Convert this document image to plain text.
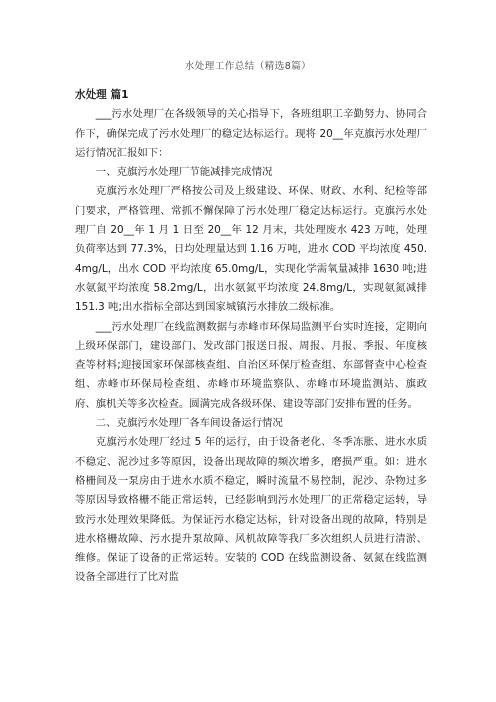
水处理工作总结（精选8篇）

水处理 篇1

___污水处理厂在各级领导的关心指导下，各班组职工辛勤努力、协同合作下，确保完成了污水处理厂的稳定达标运行。现将 20__年克旗污水处理厂运行情况汇报如下：

一、克旗污水处理厂节能减排完成情况

克旗污水处理厂严格按公司及上级建设、环保、财政、水利、纪检等部门要求，严格管理、常抓不懈保障了污水处理厂稳定达标运行。克旗污水处理厂自 20__年 1 月 1 日至 20__年 12 月末，共处理废水 423 万吨，处理负荷率达到 77.3%，日均处理量达到 1.16 万吨，进水 COD 平均浓度 450.4mg/L，出水 COD 平均浓度 65.0mg/L，实现化学需氧量减排 1630 吨;进水氨氮平均浓度 58.2mg/L，出水氨氮平均浓度 24.8mg/L，实现氨氮减排 151.3 吨;出水指标全部达到国家城镇污水排放二级标准。

___污水处理厂在线监测数据与赤峰市环保局监测平台实时连接，定期向上级环保部门，建设部门、发改部门报送日报、周报、月报、季报、年度核查等材料;迎接国家环保部核查组、自治区环保厅检查组、东部督查中心检查组、赤峰市环保局检查组、赤峰市环境监察队、赤峰市环境监测站、旗政府、旗机关等多次检查。圆满完成各级环保、建设等部门安排布置的任务。

二、克旗污水处理厂各车间设备运行情况

克旗污水处理厂经过 5 年的运行，由于设备老化、冬季冻胀、进水水质不稳定、泥沙过多等原因，设备出现故障的频次增多，磨损严重。如：进水格栅间及一泵房由于进水水质不稳定，瞬时流量不易控制，泥沙、杂物过多等原因导致格栅不能正常运转，已经影响到污水处理厂的正常稳定运转，导致污水处理效果降低。为保证污水稳定达标，针对设备出现的故障，特别是进水格栅故障、污水提升泵故障、风机故障等我厂多次组织人员进行清淤、维修。保证了设备的正常运转。安装的 COD 在线监测设备、氨氮在线监测设备全部进行了比对监
